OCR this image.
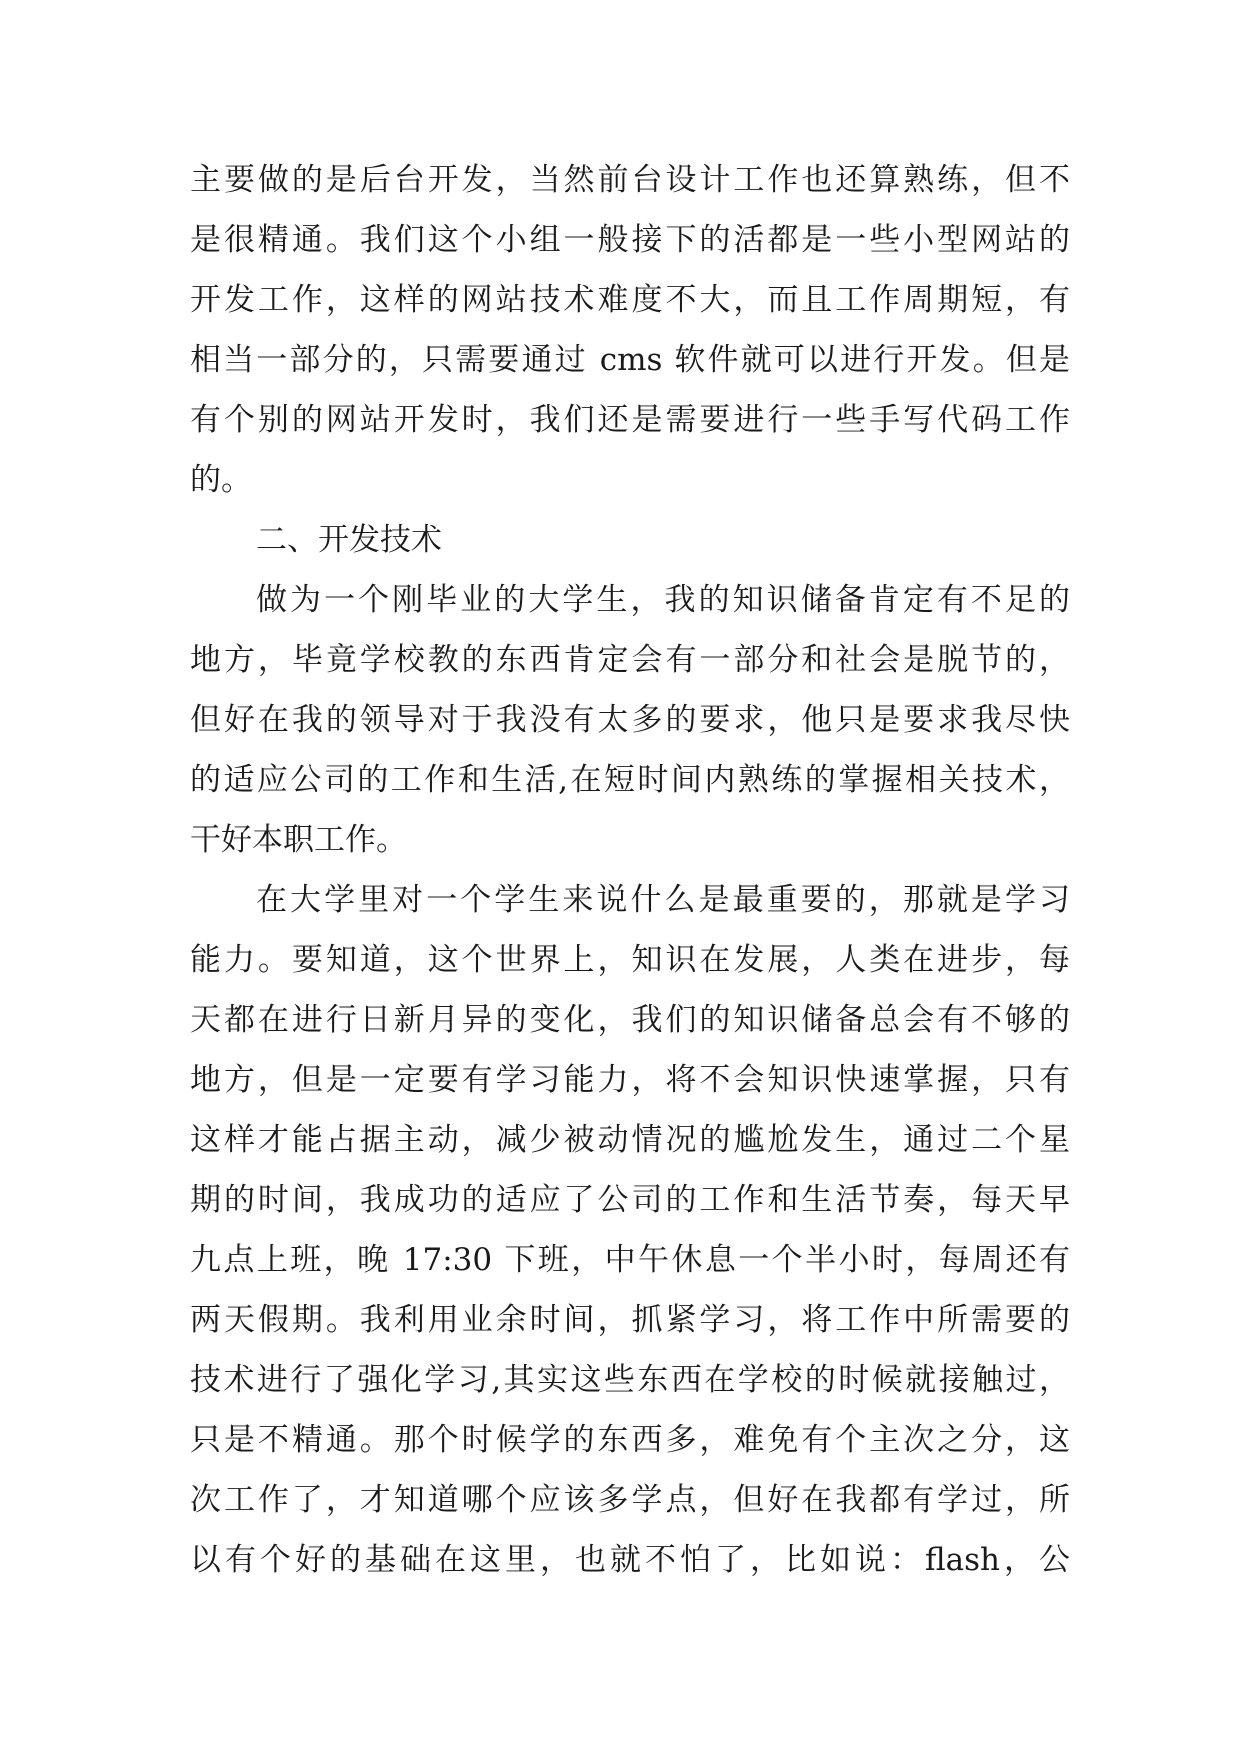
主要做的是后台开发，当然前台设计工作也还算熟练，但不
是很精通。我们这个小组一般接下的活都是一些小型网站的
开发工作，这样的网站技术难度不大，而且工作周期短，有
相当一部分的，只需要通过 cms 软件就可以进行开发。但是
有个别的网站开发时，我们还是需要进行一些手写代码工作
的。
二、开发技术
做为一个刚毕业的大学生，我的知识储备肯定有不足的
地方，毕竟学校教的东西肯定会有一部分和社会是脱节的，
但好在我的领导对于我没有太多的要求，他只是要求我尽快
的适应公司的工作和生活,在短时间内熟练的掌握相关技术，
干好本职工作。
在大学里对一个学生来说什么是最重要的，那就是学习
能力。要知道，这个世界上，知识在发展，人类在进步，每
天都在进行日新月异的变化，我们的知识储备总会有不够的
地方，但是一定要有学习能力，将不会知识快速掌握，只有
这样才能占据主动，减少被动情况的尴尬发生，通过二个星
期的时间，我成功的适应了公司的工作和生活节奏，每天早
九点上班，晚 17:30 下班，中午休息一个半小时，每周还有
两天假期。我利用业余时间，抓紧学习，将工作中所需要的
技术进行了强化学习,其实这些东西在学校的时候就接触过，
只是不精通。那个时候学的东西多，难免有个主次之分，这
次工作了，才知道哪个应该多学点，但好在我都有学过，所
以有个好的基础在这里，也就不怕了，比如说：flash，公
